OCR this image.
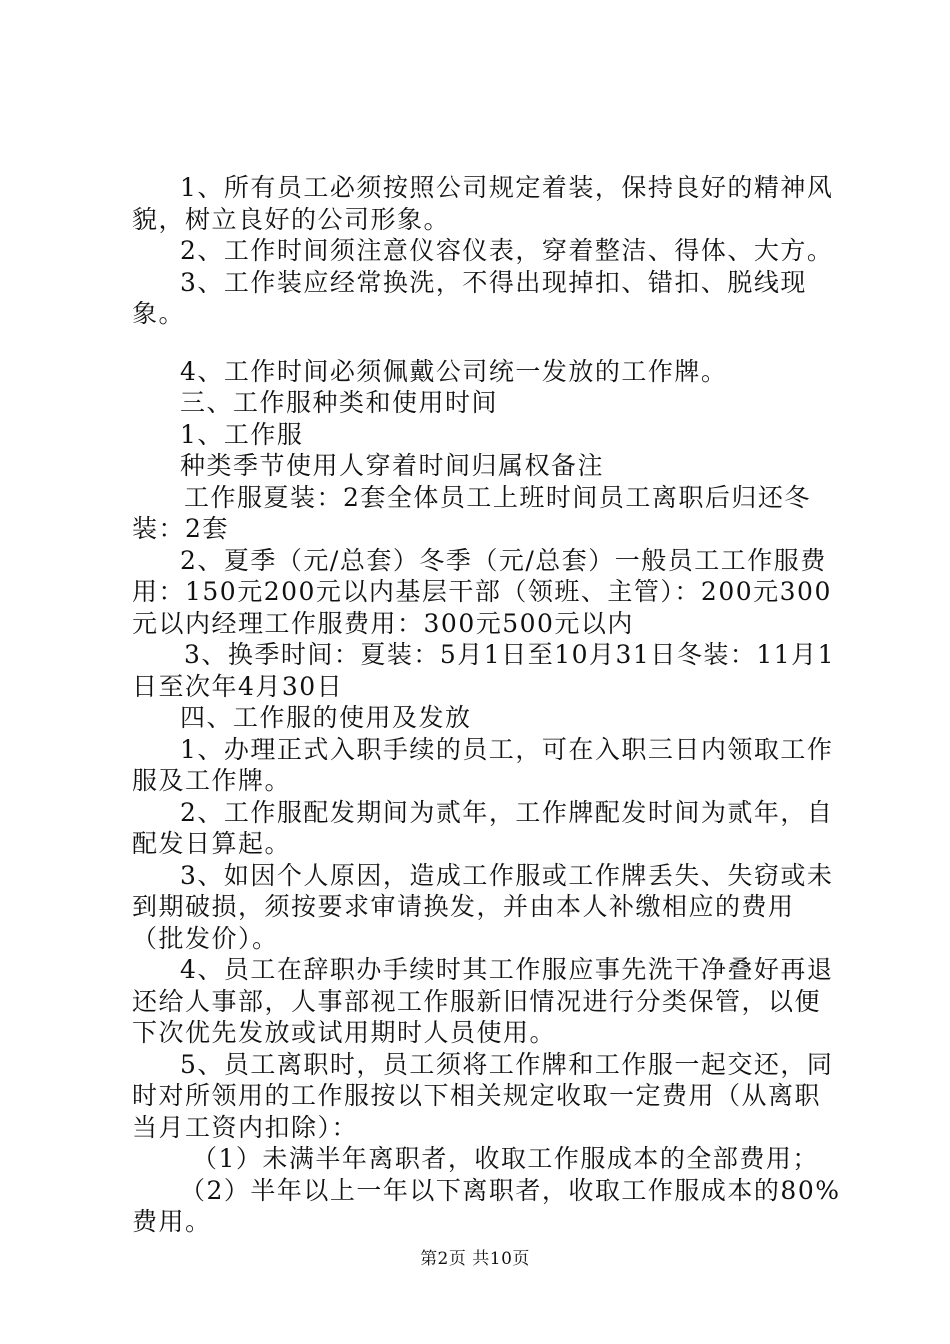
1、所有员工必须按照公司规定着装，保持良好的精神风貌，树立良好的公司形象。

2、工作时间须注意仪容仪表，穿着整洁、得体、大方。

3、工作装应经常换洗，不得出现掉扣、错扣、脱线现象。

4、工作时间必须佩戴公司统一发放的工作牌。

三、工作服种类和使用时间

1、工作服

种类季节使用人穿着时间归属权备注

工作服夏装：2套全体员工上班时间员工离职后归还冬装：2套

2、夏季（元/总套）冬季（元/总套）一般员工工作服费用：150元200元以内基层干部（领班、主管）：200元300元以内经理工作服费用：300元500元以内

3、换季时间：夏装：5月1日至10月31日冬装：11月1日至次年4月30日

四、工作服的使用及发放

1、办理正式入职手续的员工，可在入职三日内领取工作服及工作牌。

2、工作服配发期间为贰年，工作牌配发时间为贰年，自配发日算起。

3、如因个人原因，造成工作服或工作牌丢失、失窃或未到期破损，须按要求审请换发，并由本人补缴相应的费用（批发价）。

4、员工在辞职办手续时其工作服应事先洗干净叠好再退还给人事部，人事部视工作服新旧情况进行分类保管，以便下次优先发放或试用期时人员使用。

5、员工离职时，员工须将工作牌和工作服一起交还，同时对所领用的工作服按以下相关规定收取一定费用（从离职当月工资内扣除）：

（1）未满半年离职者，收取工作服成本的全部费用；

（2）半年以上一年以下离职者，收取工作服成本的80%费用。

第2页 共10页
